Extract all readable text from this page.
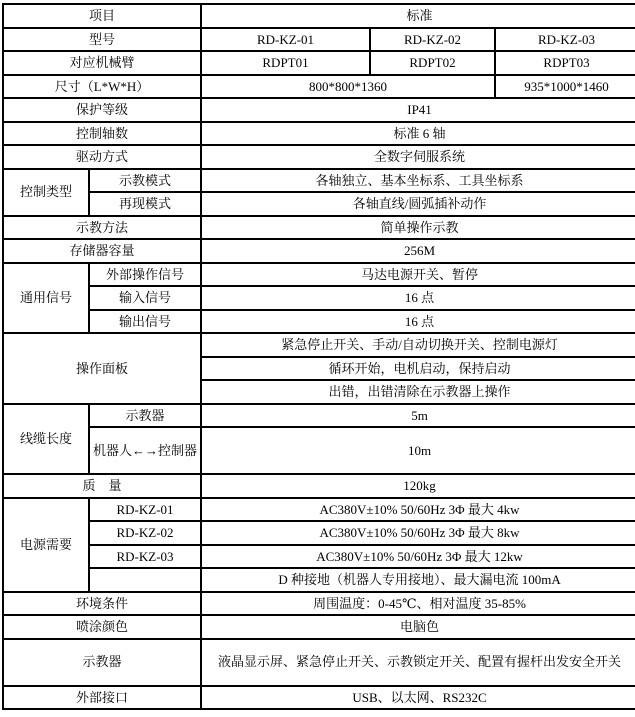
项目		标准		
型号		RD-KZ-01	RD-KZ-02	RD-KZ-03
对应机械臂		RDPT01	RDPT02	RDPT03
尺寸（L*W*H）		800*800*1360		935*1000*1460
保护等级		IP41		
控制轴数		标准 6 轴		
驱动方式		全数字伺服系统		
控制类型	示教模式	各轴独立、基本坐标系、工具坐标系		
	再现模式	各轴直线/圆弧插补动作		
示教方法		简单操作示教		
存储器容量		256M		
通用信号	外部操作信号	马达电源开关、暂停		
	输入信号	16 点		
	输出信号	16 点		
操作面板		紧急停止开关、手动/自动切换开关、控制电源灯		
		循环开始，电机启动，保持启动		
		出错，出错清除在示教器上操作		
线缆长度	示教器	5m		
	机器人←→控制器	10m		
质　量		120kg		
电源需要	RD-KZ-01	AC380V±10% 50/60Hz 3Φ 最大 4kw		
	RD-KZ-02	AC380V±10% 50/60Hz 3Φ 最大 8kw		
	RD-KZ-03	AC380V±10% 50/60Hz 3Φ 最大 12kw		
		D 种接地（机器人专用接地）、最大漏电流 100mA		
环境条件		周围温度：0-45℃、相对温度 35-85%		
喷涂颜色		电脑色		
示教器		液晶显示屏、紧急停止开关、示教锁定开关、配置有握杆出发安全开关		
外部接口		USB、以太网、RS232C		
